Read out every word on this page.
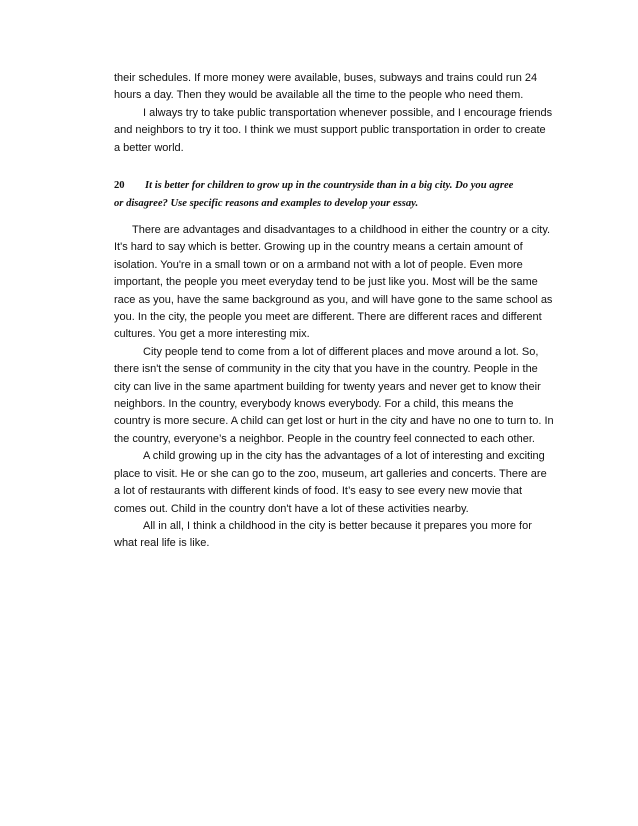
their schedules. If more money were available, buses, subways and trains could run 24

hours a day. Then they would be available all the time to the people who need them.

I always try to take public transportation whenever possible, and I encourage friends

and neighbors to try it too. I think we must support public transportation in order to create

a better world.

20 It is better for children to grow up in the countryside than in a big city. Do you agree
or disagree? Use specific reasons and examples to develop your essay.

There are advantages and disadvantages to a childhood in either the country or a city.

It's hard to say which is better. Growing up in the country means a certain amount of

isolation. You're in a small town or on a armband not with a lot of people. Even more

important, the people you meet everyday tend to be just like you. Most will be the same

race as you, have the same background as you, and will have gone to the same school as

you. In the city, the people you meet are different. There are different races and different

cultures. You get a more interesting mix.

City people tend to come from a lot of different places and move around a lot. So,

there isn't the sense of community in the city that you have in the country. People in the

city can live in the same apartment building for twenty years and never get to know their

neighbors. In the country, everybody knows everybody. For a child, this means the

country is more secure. A child can get lost or hurt in the city and have no one to turn to. In

the country, everyone’s a neighbor. People in the country feel connected to each other.

A child growing up in the city has the advantages of a lot of interesting and exciting

place to visit. He or she can go to the zoo, museum, art galleries and concerts. There are

a lot of restaurants with different kinds of food. It’s easy to see every new movie that

comes out. Child in the country don't have a lot of these activities nearby.

All in all, I think a childhood in the city is better because it prepares you more for

what real life is like.
